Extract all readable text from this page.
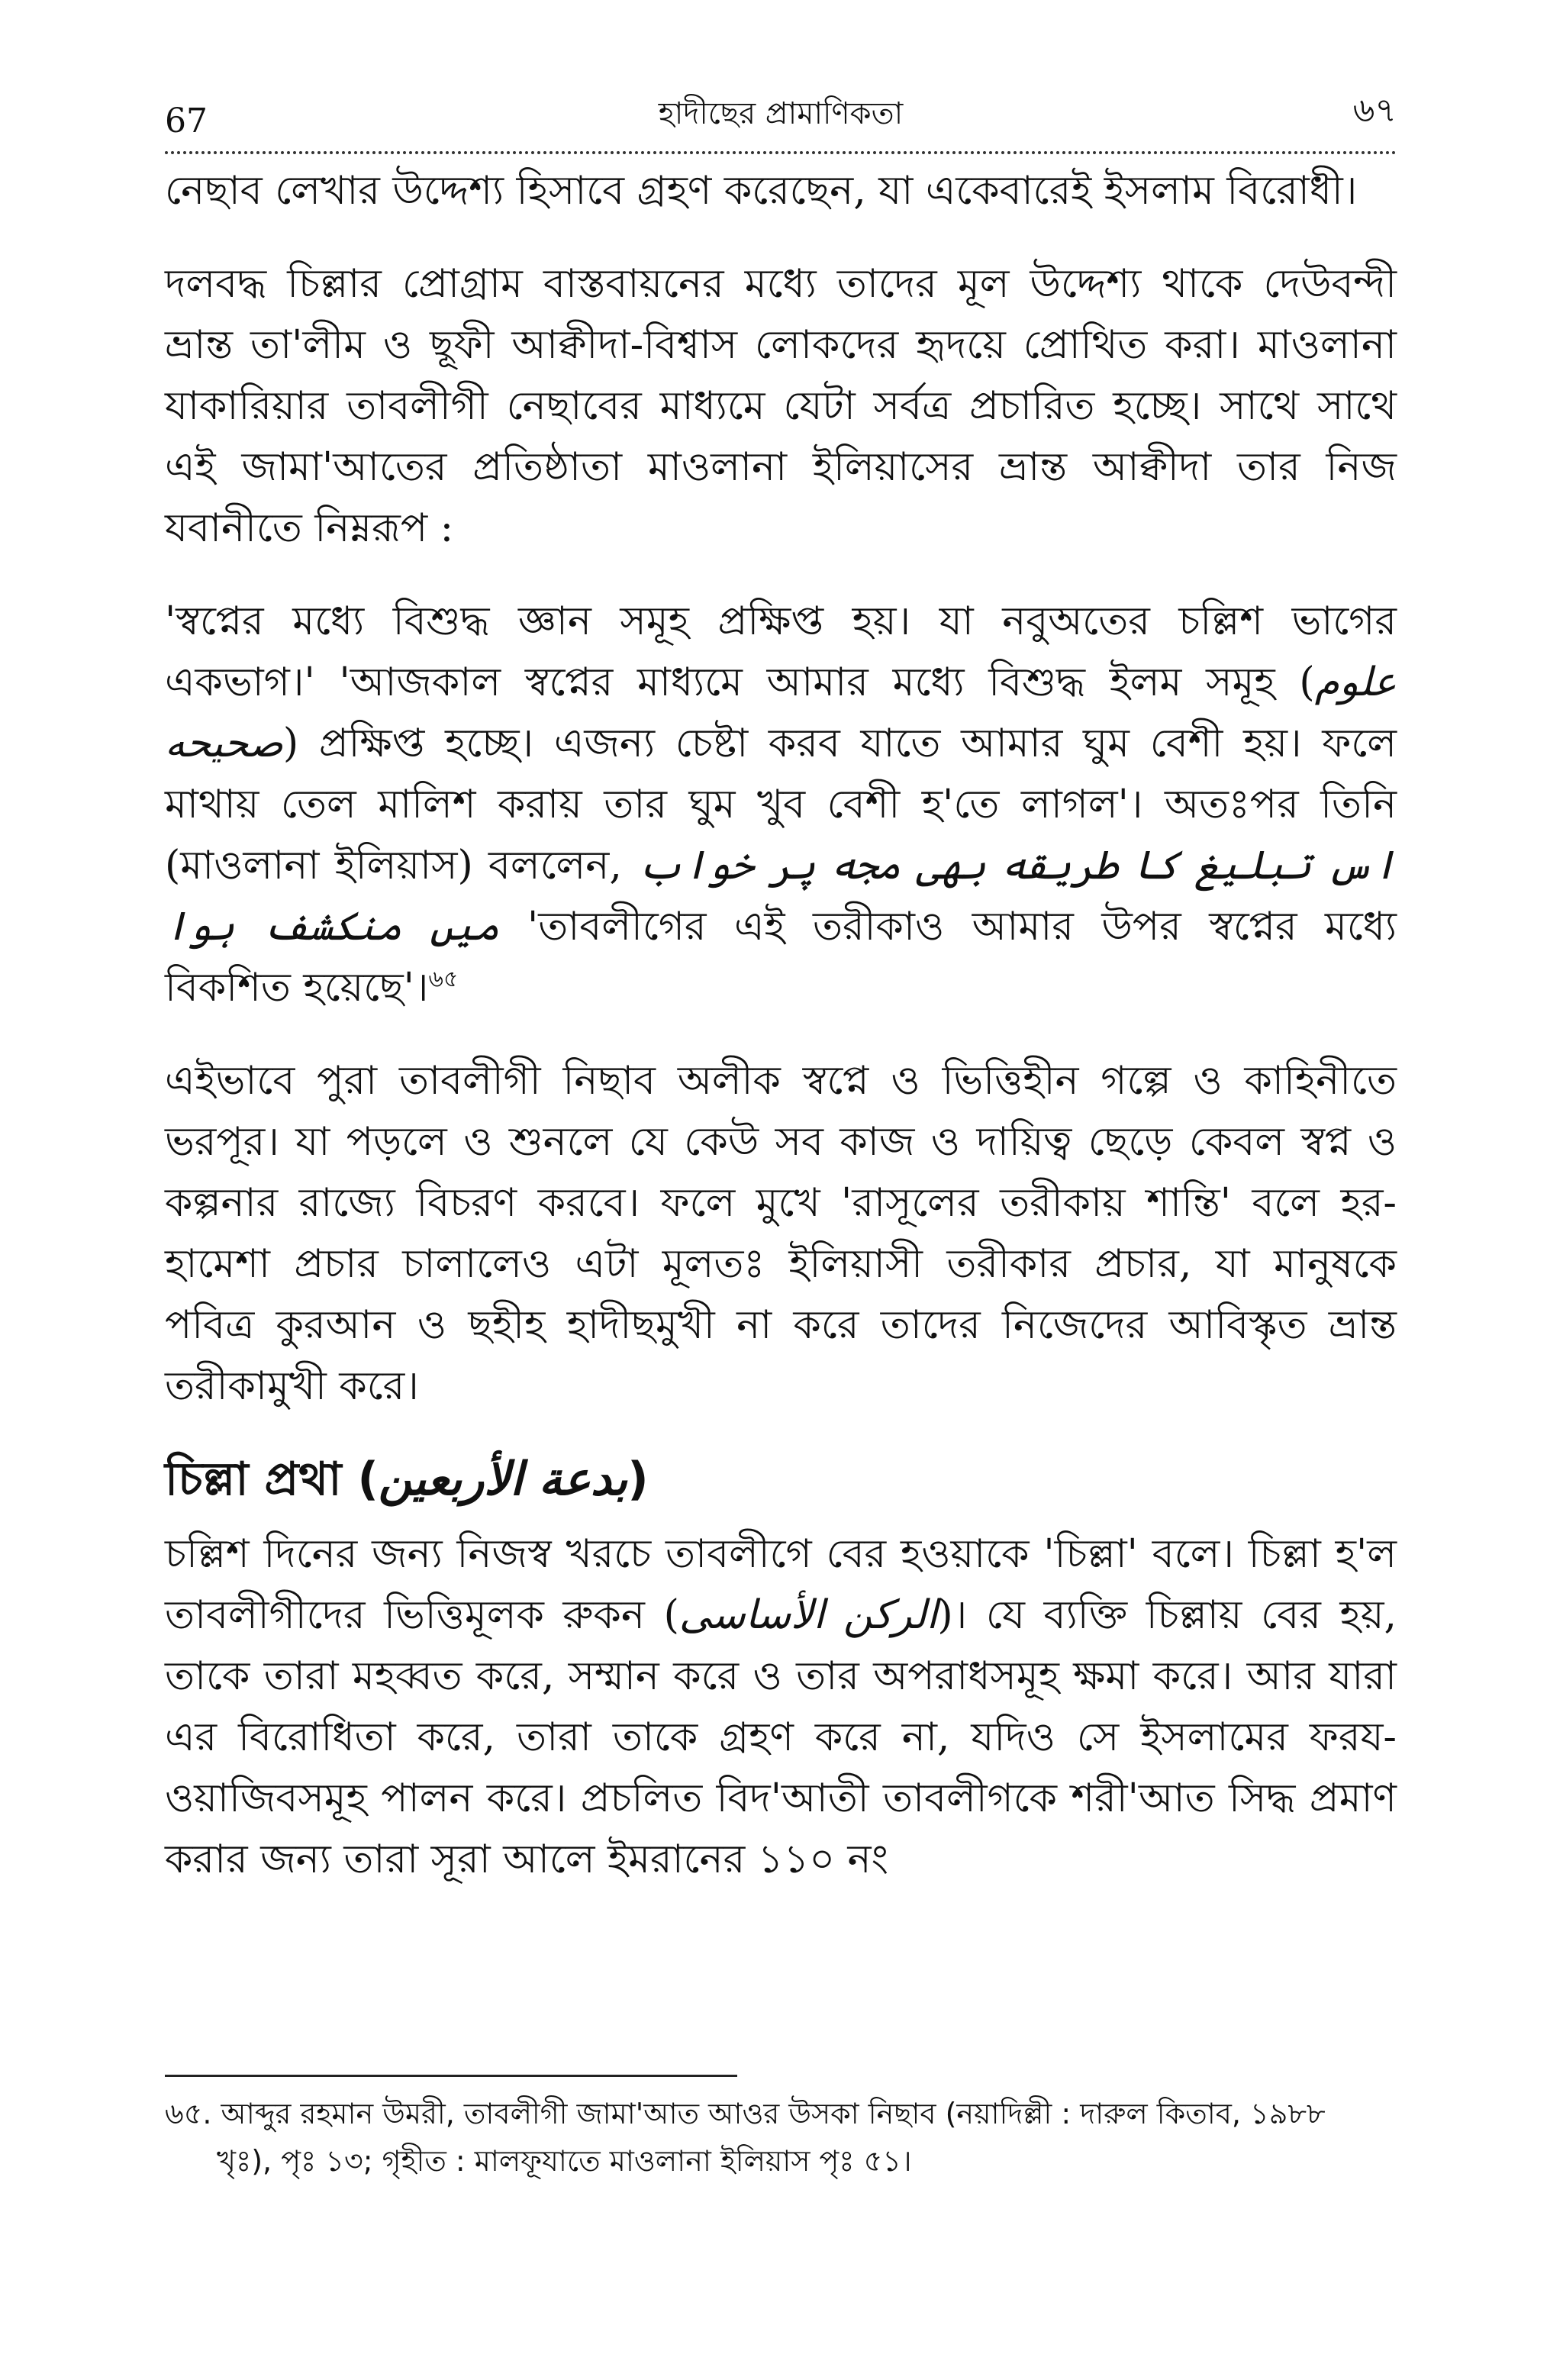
67	হাদীছের প্রামাণিকতা	৬৭

নেছাব লেখার উদ্দেশ্য হিসাবে গ্রহণ করেছেন, যা একেবারেই ইসলাম বিরোধী।

দলবদ্ধ চিল্লার প্রোগ্রাম বাস্তবায়নের মধ্যে তাদের মূল উদ্দেশ্য থাকে দেউবন্দী ভ্রান্ত তা'লীম ও ছূফী আক্বীদা-বিশ্বাস লোকদের হৃদয়ে প্রোথিত করা। মাওলানা যাকারিয়ার তাবলীগী নেছাবের মাধ্যমে যেটা সর্বত্র প্রচারিত হচ্ছে। সাথে সাথে এই জামা'আতের প্রতিষ্ঠাতা মাওলানা ইলিয়াসের ভ্রান্ত আক্বীদা তার নিজ যবানীতে নিম্নরূপ :

'স্বপ্নের মধ্যে বিশুদ্ধ জ্ঞান সমূহ প্রক্ষিপ্ত হয়। যা নবুঅতের চল্লিশ ভাগের একভাগ।' 'আজকাল স্বপ্নের মাধ্যমে আমার মধ্যে বিশুদ্ধ ইলম সমূহ (علوم صحيحه) প্রক্ষিপ্ত হচ্ছে। এজন্য চেষ্টা করব যাতে আমার ঘুম বেশী হয়। ফলে মাথায় তেল মালিশ করায় তার ঘুম খুব বেশী হ'তে লাগল'। অতঃপর তিনি (মাওলানা ইলিয়াস) বললেন, اس تبليغ کا طريقه بهی مجه پر خواب ميں منکشف ہوا 'তাবলীগের এই তরীকাও আমার উপর স্বপ্নের মধ্যে বিকশিত হয়েছে'।$^{৬৫}$

এইভাবে পুরা তাবলীগী নিছাব অলীক স্বপ্নে ও ভিত্তিহীন গল্পে ও কাহিনীতে ভরপূর। যা পড়লে ও শুনলে যে কেউ সব কাজ ও দায়িত্ব ছেড়ে কেবল স্বপ্ন ও কল্পনার রাজ্যে বিচরণ করবে। ফলে মুখে 'রাসূলের তরীকায় শান্তি' বলে হর-হামেশা প্রচার চালালেও এটা মূলতঃ ইলিয়াসী তরীকার প্রচার, যা মানুষকে পবিত্র কুরআন ও ছহীহ হাদীছমুখী না করে তাদের নিজেদের আবিস্কৃত ভ্রান্ত তরীকামুখী করে।

চিল্লা প্রথা (بدعة الأربعين)

চল্লিশ দিনের জন্য নিজস্ব খরচে তাবলীগে বের হওয়াকে 'চিল্লা' বলে। চিল্লা হ'ল তাবলীগীদের ভিত্তিমূলক রুকন (الركن الأساسى)। যে ব্যক্তি চিল্লায় বের হয়, তাকে তারা মহব্বত করে, সম্মান করে ও তার অপরাধসমূহ ক্ষমা করে। আর যারা এর বিরোধিতা করে, তারা তাকে গ্রহণ করে না, যদিও সে ইসলামের ফরয-ওয়াজিবসমূহ পালন করে। প্রচলিত বিদ'আতী তাবলীগকে শরী'আত সিদ্ধ প্রমাণ করার জন্য তারা সূরা আলে ইমরানের ১১০ নং

৬৫. আব্দুর রহমান উমরী, তাবলীগী জামা'আত আওর উসকা নিছাব (নয়াদিল্লী : দারুল কিতাব, ১৯৮৮
খৃঃ), পৃঃ ১৩; গৃহীত : মালফূযাতে মাওলানা ইলিয়াস পৃঃ ৫১।
